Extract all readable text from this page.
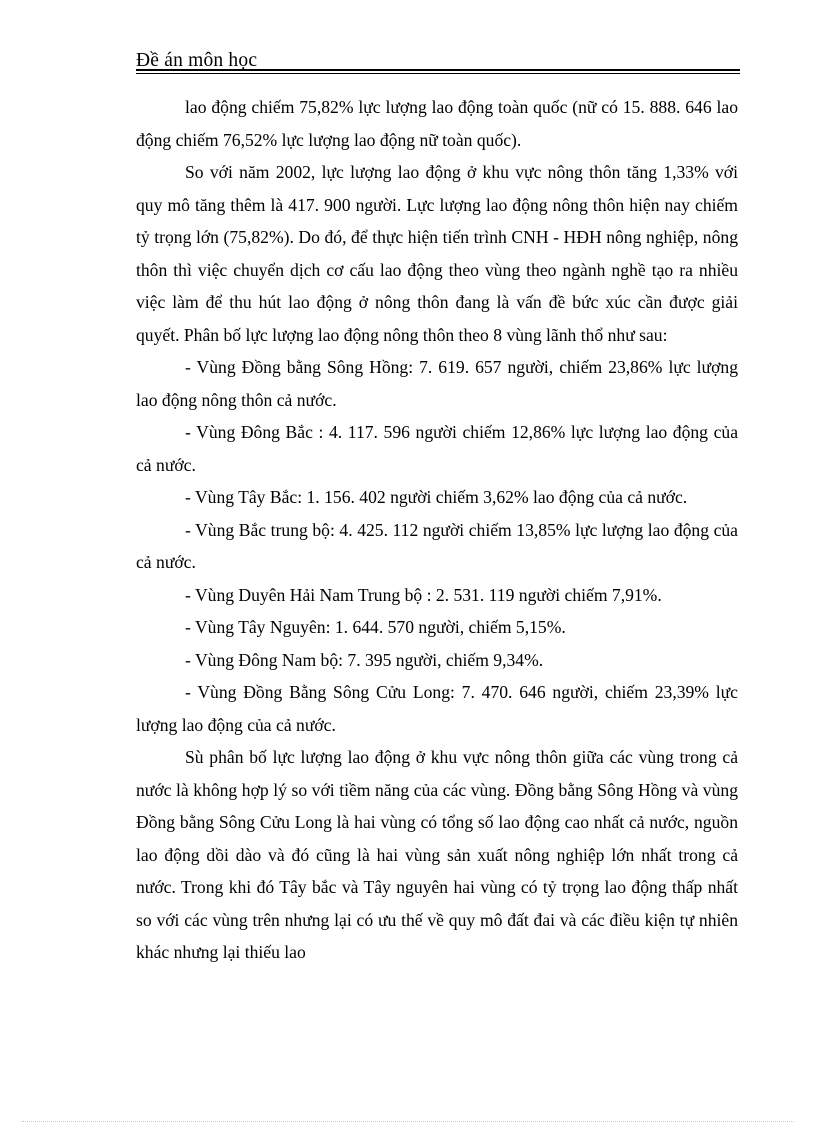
Đề án môn học

lao động chiếm 75,82% lực lượng lao động toàn quốc (nữ có 15. 888. 646 lao động chiếm 76,52% lực lượng lao động nữ toàn quốc).

So với năm 2002, lực lượng lao động ở khu vực nông thôn tăng 1,33% với quy mô tăng thêm là 417. 900 người. Lực lượng lao động nông thôn hiện nay chiếm tỷ trọng lớn (75,82%). Do đó, để thực hiện tiến trình CNH - HĐH nông nghiệp, nông thôn thì việc chuyển dịch cơ cấu lao động theo vùng theo ngành nghề tạo ra nhiều việc làm để thu hút lao động ở nông thôn đang là vấn đề bức xúc cần được giải quyết. Phân bố lực lượng lao động nông thôn theo 8 vùng lãnh thổ như sau:

- Vùng Đồng bằng Sông Hồng: 7. 619. 657 người, chiếm 23,86% lực lượng lao động nông thôn cả nước.

- Vùng Đông Bắc : 4. 117. 596 người chiếm 12,86% lực lượng lao động của cả nước.

- Vùng Tây Bắc: 1. 156. 402 người chiếm 3,62% lao động của cả nước.

- Vùng Bắc trung bộ: 4. 425. 112 người chiếm 13,85% lực lượng lao động của cả nước.

- Vùng Duyên Hải Nam Trung bộ : 2. 531. 119 người chiếm 7,91%.

- Vùng Tây Nguyên: 1. 644. 570 người, chiếm 5,15%.

- Vùng Đông Nam bộ: 7. 395 người, chiếm 9,34%.

- Vùng Đồng Bằng Sông Cửu Long: 7. 470. 646 người, chiếm 23,39% lực lượng lao động của cả nước.

Sù phân bố lực lượng lao động ở khu vực nông thôn giữa các vùng trong cả nước là không hợp lý so với tiềm năng của các vùng. Đồng bằng Sông Hồng và vùng Đồng bằng Sông Cửu Long là hai vùng có tổng số lao động cao nhất cả nước, nguồn lao động dồi dào và đó cũng là hai vùng sản xuất nông nghiệp lớn nhất trong cả nước. Trong khi đó Tây bắc và Tây nguyên hai vùng có tỷ trọng lao động thấp nhất so với các vùng trên nhưng lại có ưu thế về quy mô đất đai và các điều kiện tự nhiên khác nhưng lại thiếu lao
